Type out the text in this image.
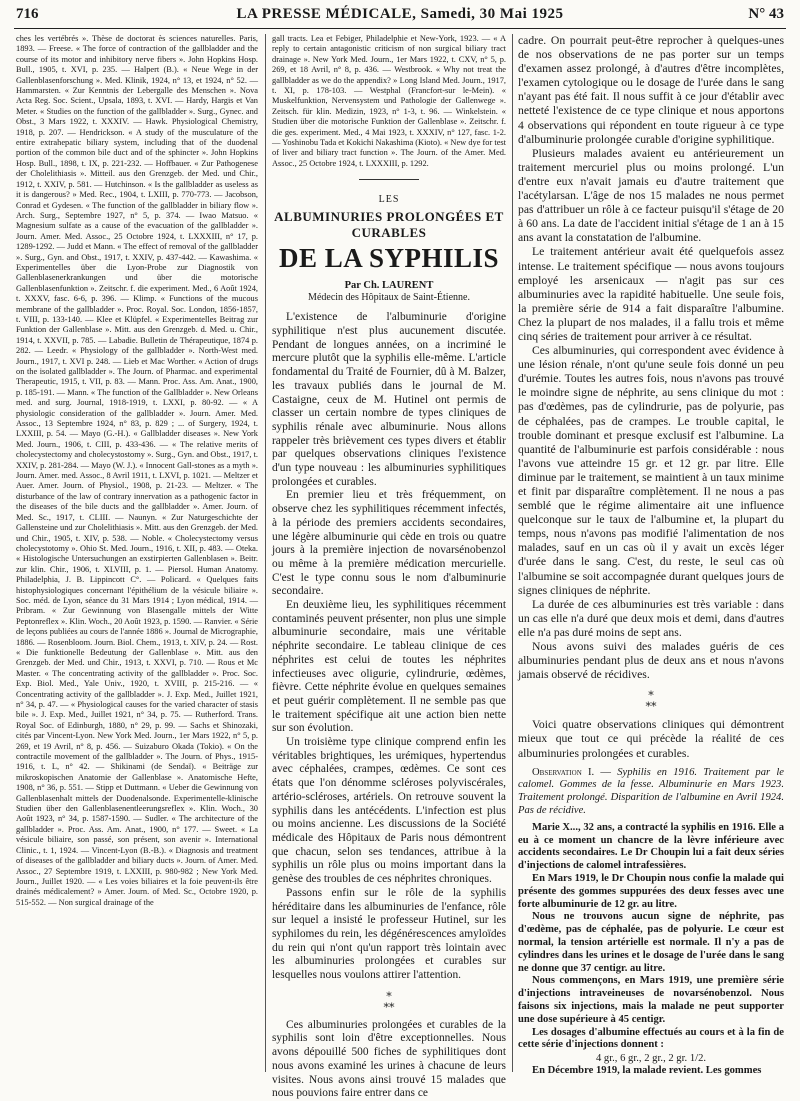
716	LA PRESSE MÉDICALE, Samedi, 30 Mai 1925	N° 43

ches les vertébrés ». Thèse de doctorat ès sciences naturelles. Paris, 1893. — Freese. « The force of contraction of the gallbladder and the course of its motor and inhibitory nerve fibers ». John Hopkins Hosp. Bull., 1905, t. XVI, p. 235. — Halpert (B.). « Neue Wege in der Gallenblasenforschung ». Med. Klinik, 1924, n° 13, et 1924, n° 52. — Hammarsten. « Zur Kenntnis der Lebergalle des Menschen ». Nova Acta Reg. Soc. Scient., Upsala, 1893, t. XVI. — Hardy, Hargis et Van Meter. « Studies on the function of the gallbladder ». Surg., Gynec. and Obst., 3 Mars 1922, t. XXXIV. — Hawk. Physiological Chemistry, 1918, p. 207. — Hendrickson. « A study of the musculature of the entire extrahepatic biliary system, including that of the duodenal portion of the common bile duct and of the sphincter ». John Hopkins Hosp. Bull., 1898, t. IX, p. 221-232. — Hoffbauer. « Zur Pathogenese der Cholelithiasis ». Mitteil. aus den Grenzgeb. der Med. und Chir., 1912, t. XXIV, p. 581. — Hutchinson. « Is the gallbladder as useless as it is dangerous? » Med. Rec., 1904, t. LXIII, p. 770-773. — Jacobson, Conrad et Gydesen. « The function of the gallbladder in biliary flow ». Arch. Surg., Septembre 1927, n° 5, p. 374. — Iwao Matsuo. « Magnesium sulfate as a cause of the evacuation of the gallbladder ». Journ. Amer. Med. Assoc., 25 Octobre 1924, t. LXXXIII, n° 17, p. 1289-1292. — Judd et Mann. « The effect of removal of the gallbladder ». Surg., Gyn. and Obst., 1917, t. XXIV, p. 437-442. — Kawashima. « Experimentelles über die Lyon-Probe zur Diagnostik von Gallenblasenerkrankungen und über die motorische Gallenblasenfunktion ». Zeitschr. f. die experiment. Med., 6 Août 1924, t. XXXV, fasc. 6-6, p. 396. — Klimp. « Functions of the mucous membrane of the gallbladder ». Proc. Royal. Soc. London, 1856-1857, t. VIII, p. 133-140. — Klee et Klüpfel. « Experimentelles Beitrag zur Funktion der Gallenblase ». Mitt. aus den Grenzgeb. d. Med. u. Chir., 1914, t. XXVII, p. 785. — Labadie. Bulletin de Thérapeutique, 1874 p. 282. — Leedr. « Physiology of the gallbladder ». North-West med. Journ., 1917, t. XVI p. 248. — Lieb et Mac Worther. « Action of drugs on the isolated gallbladder ». The Journ. of Pharmac. and experimental Therapeutic, 1915, t. VII, p. 83. — Mann. Proc. Ass. Am. Anat., 1900, p. 185-191. — Mann. « The function of the Gallbladder ». New Orleans med. and surg. Journal, 1918-1919, t. LXXI, p. 80-92. — « A physiologic consideration of the gallbladder ». Journ. Amer. Med. Assoc., 13 Septembre 1924, n° 83, p. 829 ; ... of Surgery, 1924, t. LXXIII, p. 54. — Mayo (G.-H.). « Gallbladder diseases ». New York Med. Journ., 1906, t. CIII, p. 433-436. — « The relative merits of cholecystectomy and cholecystostomy ». Surg., Gyn. and Obst., 1917, t. XXIV, p. 281-284. — Mayo (W. J.). « Innocent Gall-stones as a myth ». Journ. Amer. med. Assoc., 8 Avril 1911, t. LXVI, p. 1021. — Meltzer et Auer. Amer. Journ. of Physiol., 1908, p. 21-23. — Meltzer. « The disturbance of the law of contrary innervation as a pathogenic factor in the diseases of the bile ducts and the gallbladder ». Amer. Journ. of Med. Sc., 1917, t. CLIII. — Naunyn. « Zur Naturgeschichte der Gallensteine und zur Cholelithiasis ». Mitt. aus den Grenzgeb. der Med. und Chir., 1905, t. XIV, p. 538. — Noble. « Cholecystectomy versus cholecystotomy ». Ohio St. Med. Journ., 1916, t. XII, p. 483. — Oteka. « Histologische Untersuchungen an exstirpierten Gallenblasen ». Beitr. zur klin. Chir., 1906, t. XLVIII, p. 1. — Piersol. Human Anatomy. Philadelphia, J. B. Lippincott C°. — Policard. « Quelques faits histophysiologiques concernant l'épithélium de la vésicule biliaire ». Soc. méd. de Lyon, séance du 31 Mars 1914 ; Lyon médical, 1914. — Pribram. « Zur Gewinnung von Blasengalle mittels der Witte Peptonreflex ». Klin. Woch., 20 Août 1923, p. 1590. — Ranvier. « Série de leçons publiées au cours de l'année 1886 ». Journal de Micrographie, 1886. — Rosenbloom. Journ. Biol. Chem., 1913, t. XIV, p. 24. — Rost. « Die funktionelle Bedeutung der Gallenblase ». Mitt. aus den Grenzgeb. der Med. und Chir., 1913, t. XXVI, p. 710. — Rous et Mc Master. « The concentrating activity of the gallbladder ». Proc. Soc. Exp. Biol. Med., Yale Univ., 1920, t. XVIII, p. 215-216. — « Concentrating activity of the gallbladder ». J. Exp. Med., Juillet 1921, n° 34, p. 47. — « Physiological causes for the varied character of stasis bile ». J. Exp. Med., Juillet 1921, n° 34, p. 75. — Rutherford. Trans. Royal Soc. of Edinburgh, 1880, n° 29, p. 99. — Sachs et Shinozaki, cités par Vincent-Lyon. New York Med. Journ., 1er Mars 1922, n° 5, p. 269, et 19 Avril, n° 8, p. 456. — Suizaburo Okada (Tokio). « On the contractile movement of the gallbladder ». The Journ. of Phys., 1915-1916, t. L, n° 42. — Shikinami (de Sendaï). « Beiträge zur mikroskopischen Anatomie der Gallenblase ». Anatomische Hefte, 1908, n° 36, p. 551. — Stipp et Duttmann. « Ueber die Gewinnung von Gallenblasenhalt mittels der Duodenalsonde. Experimentelle-klinische Studien über den Gallenblasenentleerungsreflex ». Klin. Woch., 30 Août 1923, n° 34, p. 1587-1590. — Sudler. « The architecture of the gallbladder ». Proc. Ass. Am. Anat., 1900, n° 177. — Sweet. « La vésicule biliaire, son passé, son présent, son avenir ». International Clinic., t. 1, 1924. — Vincent-Lyon (B.-B.). « Diagnosis and treatment of diseases of the gallbladder and biliary ducts ». Journ. of Amer. Med. Assoc., 27 Septembre 1919, t. LXXIII, p. 980-982 ; New York Med. Journ., Juillet 1920. — « Les voies biliaires et la foie peuvent-ils être drainés médicalement? » Amer. Journ. of Med. Sc., Octobre 1920, p. 515-552. — Non surgical drainage of the

gall tracts. Lea et Febiger, Philadelphie et New-York, 1923. — « A reply to certain antagonistic criticism of non surgical biliary tract drainage ». New York Med. Journ., 1er Mars 1922, t. CXV, n° 5, p. 269, et 18 Avril, n° 8, p. 436. — Westbrook. « Why not treat the gallbladder as we do the appendix? » Long Island Med. Journ., 1917, t. XI, p. 178-103. — Westphal (Francfort-sur le-Mein). « Muskelfunktion, Nervensystem und Pathologie der Gallenwege ». Zeitsch. für klin. Medizin, 1923, n° 1-3, t. 96. — Winkelstein. « Studien über die motorische Funktion der Gallenblase ». Zeitschr. f. die ges. experiment. Med., 4 Mai 1923, t. XXXIV, n° 127, fasc. 1-2. — Yoshinobu Tada et Kokichi Nakashima (Kioto). « New dye for test of liver and biliary tract function ». The Journ. of the Amer. Med. Assoc., 25 Octobre 1924, t. LXXXIII, p. 1292.

LES

ALBUMINURIES PROLONGÉES ET CURABLES

DE LA SYPHILIS

Par Ch. LAURENT

Médecin des Hôpitaux de Saint-Étienne.

L'existence de l'albuminurie d'origine syphilitique n'est plus aucunement discutée. Pendant de longues années, on a incriminé le mercure plutôt que la syphilis elle-même. L'article fondamental du Traité de Fournier, dû à M. Balzer, les travaux publiés dans le journal de M. Castaigne, ceux de M. Hutinel ont permis de classer un certain nombre de types cliniques de syphilis rénale avec albuminurie. Nous allons rappeler très brièvement ces types divers et établir par quelques observations cliniques l'existence d'un type nouveau : les albuminuries syphilitiques prolongées et curables.

En premier lieu et très fréquemment, on observe chez les syphilitiques récemment infectés, à la période des premiers accidents secondaires, une légère albuminurie qui cède en trois ou quatre jours à la première injection de novarsénobenzol ou même à la première médication mercurielle. C'est le type connu sous le nom d'albuminurie secondaire.

En deuxième lieu, les syphilitiques récemment contaminés peuvent présenter, non plus une simple albuminurie secondaire, mais une véritable néphrite secondaire. Le tableau clinique de ces néphrites est celui de toutes les néphrites infectieuses avec oligurie, cylindrurie, œdèmes, fièvre. Cette néphrite évolue en quelques semaines et peut guérir complètement. Il ne semble pas que le traitement spécifique ait une action bien nette sur son évolution.

Un troisième type clinique comprend enfin les véritables brightiques, les urémiques, hypertendus avec céphalées, crampes, œdèmes. Ce sont ces états que l'on dénomme scléroses polyviscérales, artério-scléroses, artériels. On retrouve souvent la syphilis dans les antécédents. L'infection est plus ou moins ancienne. Les discussions de la Société médicale des Hôpitaux de Paris nous démontrent que chacun, selon ses tendances, attribue à la syphilis un rôle plus ou moins important dans la genèse des troubles de ces néphrites chroniques.

Passons enfin sur le rôle de la syphilis héréditaire dans les albuminuries de l'enfance, rôle sur lequel a insisté le professeur Hutinel, sur les syphilomes du rein, les dégénérescences amyloïdes du rein qui n'ont qu'un rapport très lointain avec les albuminuries prolongées et curables sur lesquelles nous voulons attirer l'attention.

*
**

Ces albuminuries prolongées et curables de la syphilis sont loin d'être exceptionnelles. Nous avons dépouillé 500 fiches de syphilitiques dont nous avons examiné les urines à chacune de leurs visites. Nous avons ainsi trouvé 15 malades que nous pouvions faire entrer dans ce

cadre. On pourrait peut-être reprocher à quelques-unes de nos observations de ne pas porter sur un temps d'examen assez prolongé, à d'autres d'être incomplètes, l'examen cytologique ou le dosage de l'urée dans le sang n'ayant pas été fait. Il nous suffit à ce jour d'établir avec netteté l'existence de ce type clinique et nous apportons 4 observations qui répondent en toute rigueur à ce type d'albuminurie prolongée curable d'origine syphilitique.

Plusieurs malades avaient eu antérieurement un traitement mercuriel plus ou moins prolongé. L'un d'entre eux n'avait jamais eu d'autre traitement que l'acétylarsan. L'âge de nos 15 malades ne nous permet pas d'attribuer un rôle à ce facteur puisqu'il s'étage de 20 à 60 ans. La date de l'accident initial s'étage de 1 an à 15 ans avant la constatation de l'albumine.

Le traitement antérieur avait été quelquefois assez intense. Le traitement spécifique — nous avons toujours employé les arsenicaux — n'agit pas sur ces albuminuries avec la rapidité habituelle. Une seule fois, la première série de 914 a fait disparaître l'albumine. Chez la plupart de nos malades, il a fallu trois et même cinq séries de traitement pour arriver à ce résultat.

Ces albuminuries, qui correspondent avec évidence à une lésion rénale, n'ont qu'une seule fois donné un peu d'urémie. Toutes les autres fois, nous n'avons pas trouvé le moindre signe de néphrite, au sens clinique du mot : pas d'œdèmes, pas de cylindrurie, pas de polyurie, pas de céphalées, pas de crampes. Le trouble capital, le trouble dominant et presque exclusif est l'albumine. La quantité de l'albuminurie est parfois considérable : nous l'avons vue atteindre 15 gr. et 12 gr. par litre. Elle diminue par le traitement, se maintient à un taux minime et finit par disparaître complètement. Il ne nous a pas semblé que le régime alimentaire ait une influence quelconque sur le taux de l'albumine et, la plupart du temps, nous n'avons pas modifié l'alimentation de nos malades, sauf en un cas où il y avait un excès léger d'urée dans le sang. C'est, du reste, le seul cas où l'albumine se soit accompagnée durant quelques jours de signes cliniques de néphrite.

La durée de ces albuminuries est très variable : dans un cas elle n'a duré que deux mois et demi, dans d'autres elle n'a pas duré moins de sept ans.

Nous avons suivi des malades guéris de ces albuminuries pendant plus de deux ans et nous n'avons jamais observé de récidives.

*
**

Voici quatre observations cliniques qui démontrent mieux que tout ce qui précède la réalité de ces albuminuries prolongées et curables.

Observation I. — Syphilis en 1916. Traitement par le calomel. Gommes de la fesse. Albuminurie en Mars 1923. Traitement prolongé. Disparition de l'albumine en Avril 1924. Pas de récidive.

Marie X..., 32 ans, a contracté la syphilis en 1916. Elle a eu à ce moment un chancre de la lèvre inférieure avec accidents secondaires. Le Dr Choupin lui a fait deux séries d'injections de calomel intrafessières.

En Mars 1919, le Dr Choupin nous confie la malade qui présente des gommes suppurées des deux fesses avec une forte albuminurie de 12 gr. au litre.

Nous ne trouvons aucun signe de néphrite, pas d'œdème, pas de céphalée, pas de polyurie. Le cœur est normal, la tension artérielle est normale. Il n'y a pas de cylindres dans les urines et le dosage de l'urée dans le sang ne donne que 37 centigr. au litre.

Nous commençons, en Mars 1919, une première série d'injections intraveineuses de novarsénobenzol. Nous faisons six injections, mais la malade ne peut supporter une dose supérieure à 45 centigr.

Les dosages d'albumine effectués au cours et à la fin de cette série d'injections donnent :

4 gr., 6 gr., 2 gr., 2 gr. 1/2.

En Décembre 1919, la malade revient. Les gommes
